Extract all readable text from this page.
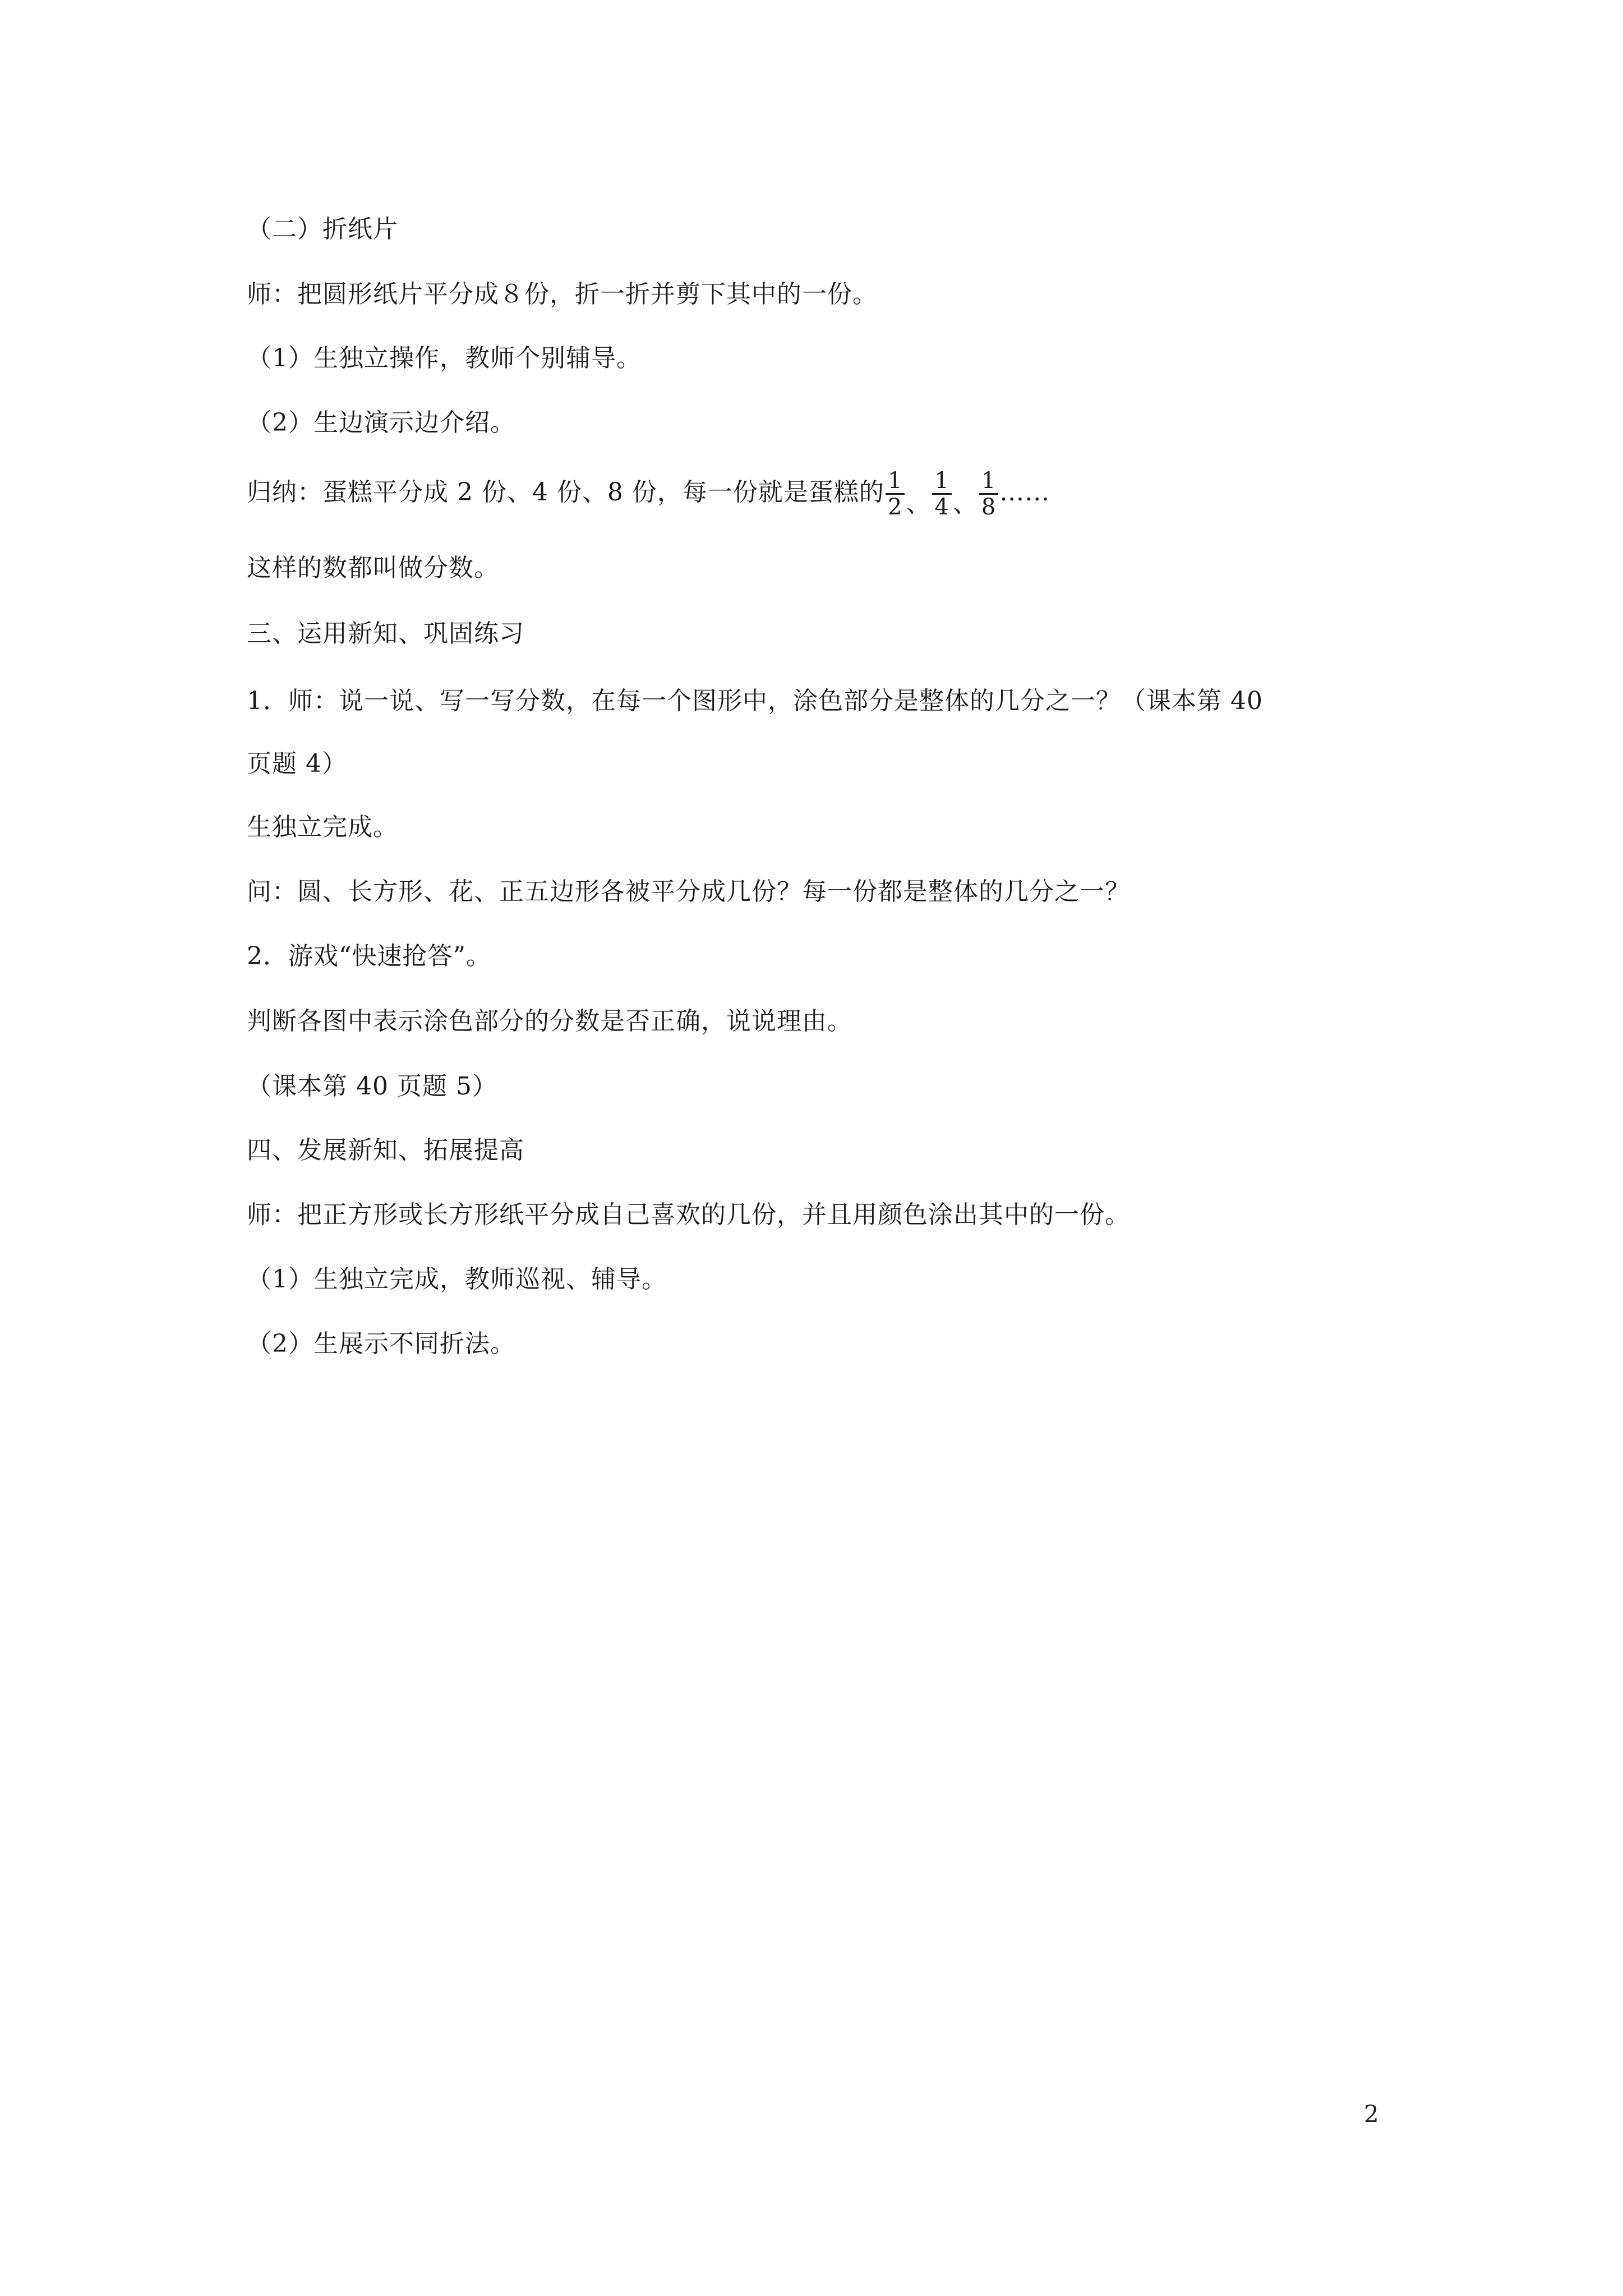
（二）折纸片
师：把圆形纸片平分成８份，折一折并剪下其中的一份。
（1）生独立操作，教师个别辅导。
（2）生边演示边介绍。
归纳：蛋糕平分成 2 份、4 份、8 份，每一份就是蛋糕的 $\frac{1}{2}$ 、 $\frac{1}{4}$ 、 $\frac{1}{8}$ ……
这样的数都叫做分数。
三、运用新知、巩固练习
1．师：说一说、写一写分数，在每一个图形中，涂色部分是整体的几分之一？（课本第 40
页题 4）
生独立完成。
问：圆、长方形、花、正五边形各被平分成几份？每一份都是整体的几分之一？
2．游戏“快速抢答”。
判断各图中表示涂色部分的分数是否正确，说说理由。
（课本第 40 页题 5）
四、发展新知、拓展提高
师：把正方形或长方形纸平分成自己喜欢的几份，并且用颜色涂出其中的一份。
（1）生独立完成，教师巡视、辅导。
（2）生展示不同折法。
2
